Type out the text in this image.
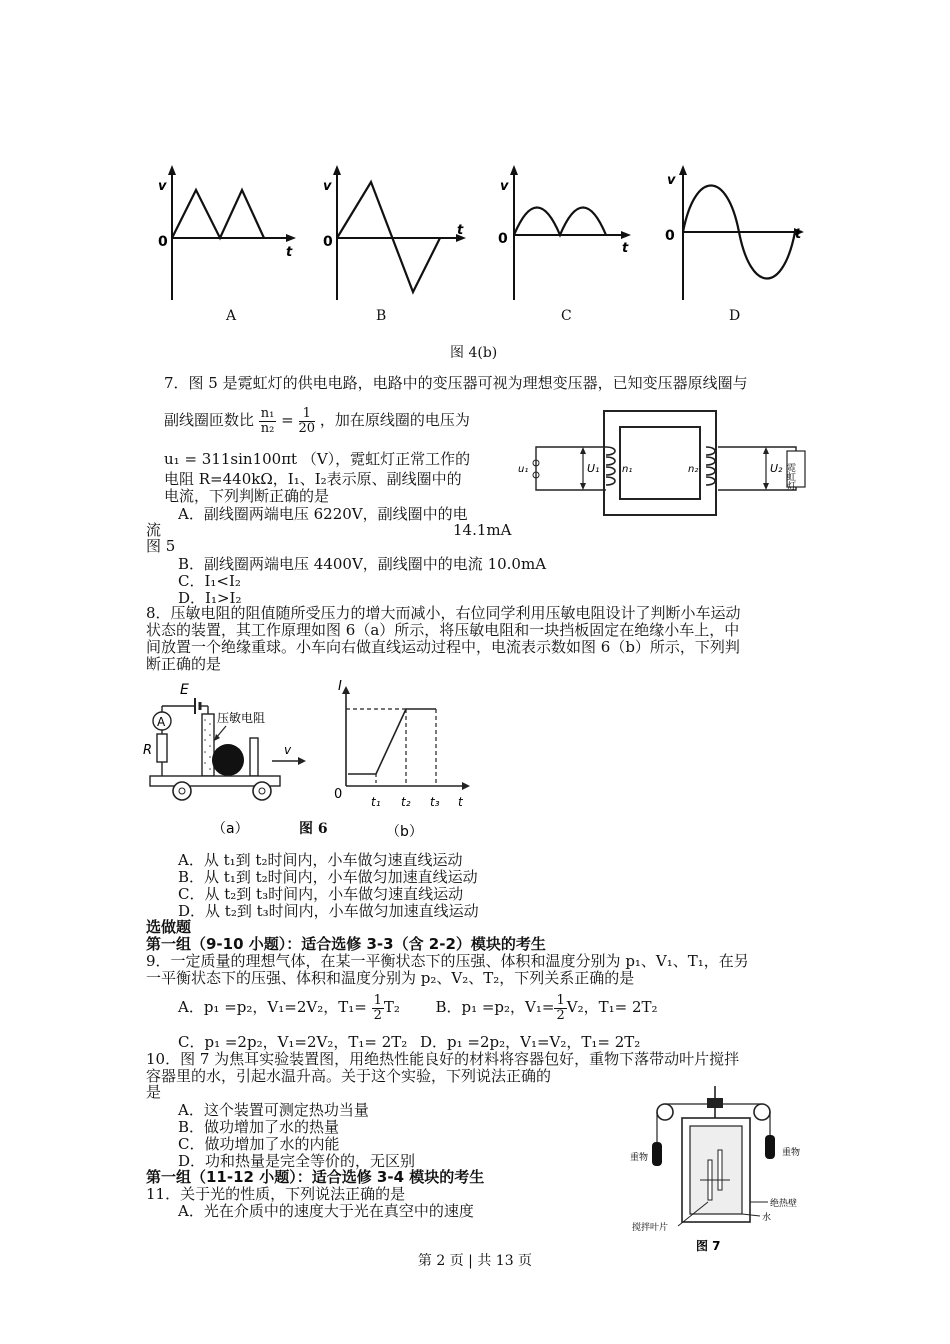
v
0
t
A
v
0
t
B
v
0
t
C
v
0	t
D
图 4(b)
7．图 5 是霓虹灯的供电电路，电路中的变压器可视为理想变压器，已知变压器原线圈与
副线圈匝数比 $\frac{\text{n₁}}{\text{n₂}} = \frac{1}{20}$ ，加在原线圈的电压为
u₁ = 311sin100πt （V），霓虹灯正常工作的
电阻 R=440kΩ，I₁、I₂表示原、副线圈中的
电流，下列判断正确的是
u₁	U₁ n₁	n₂	U₂ 霓虹灯
A．副线圈两端电压 6220V，副线圈中的电
流	14.1mA
图 5
B．副线圈两端电压 4400V，副线圈中的电流 10.0mA
C．I₁<I₂
D．I₁>I₂
8．压敏电阻的阻值随所受压力的增大而减小，右位同学利用压敏电阻设计了判断小车运动
状态的装置，其工作原理如图 6（a）所示，将压敏电阻和一块挡板固定在绝缘小车上，中
间放置一个绝缘重球。小车向右做直线运动过程中，电流表示数如图 6（b）所示，下列判
断正确的是
E
A
R
压敏电阻
v
（a）	图 6
I
0 t₁ t₂ t₃ t
（b）
A．从 t₁到 t₂时间内，小车做匀速直线运动
B．从 t₁到 t₂时间内，小车做匀加速直线运动
C．从 t₂到 t₃时间内，小车做匀速直线运动
D．从 t₂到 t₃时间内，小车做匀加速直线运动
选做题
第一组（9-10 小题）：适合选修 3-3（含 2-2）模块的考生
9．一定质量的理想气体，在某一平衡状态下的压强、体积和温度分别为 p₁、V₁、T₁，在另
一平衡状态下的压强、体积和温度分别为 p₂、V₂、T₂，下列关系正确的是
A．p₁ =p₂，V₁=2V₂，$T_1= \frac{1}{2} T_2$ B．p₁ =p₂，$V_1= \frac{1}{2} V_2$，T₁= 2T₂
C．p₁ =2p₂，V₁=2V₂，T₁= 2T₂ D．p₁ =2p₂，V₁=V₂，T₁= 2T₂
10．图 7 为焦耳实验装置图，用绝热性能良好的材料将容器包好，重物下落带动叶片搅拌
容器里的水，引起水温升高。关于这个实验，下列说法正确的
是
A．这个装置可测定热功当量
B．做功增加了水的热量
C．做功增加了水的内能
D．功和热量是完全等价的，无区别	重物	重物
绝热壁
水
搅拌叶片
图 7
第一组（11-12 小题）：适合选修 3-4 模块的考生
11．关于光的性质，下列说法正确的是
A．光在介质中的速度大于光在真空中的速度
第 2 页 | 共 13 页
